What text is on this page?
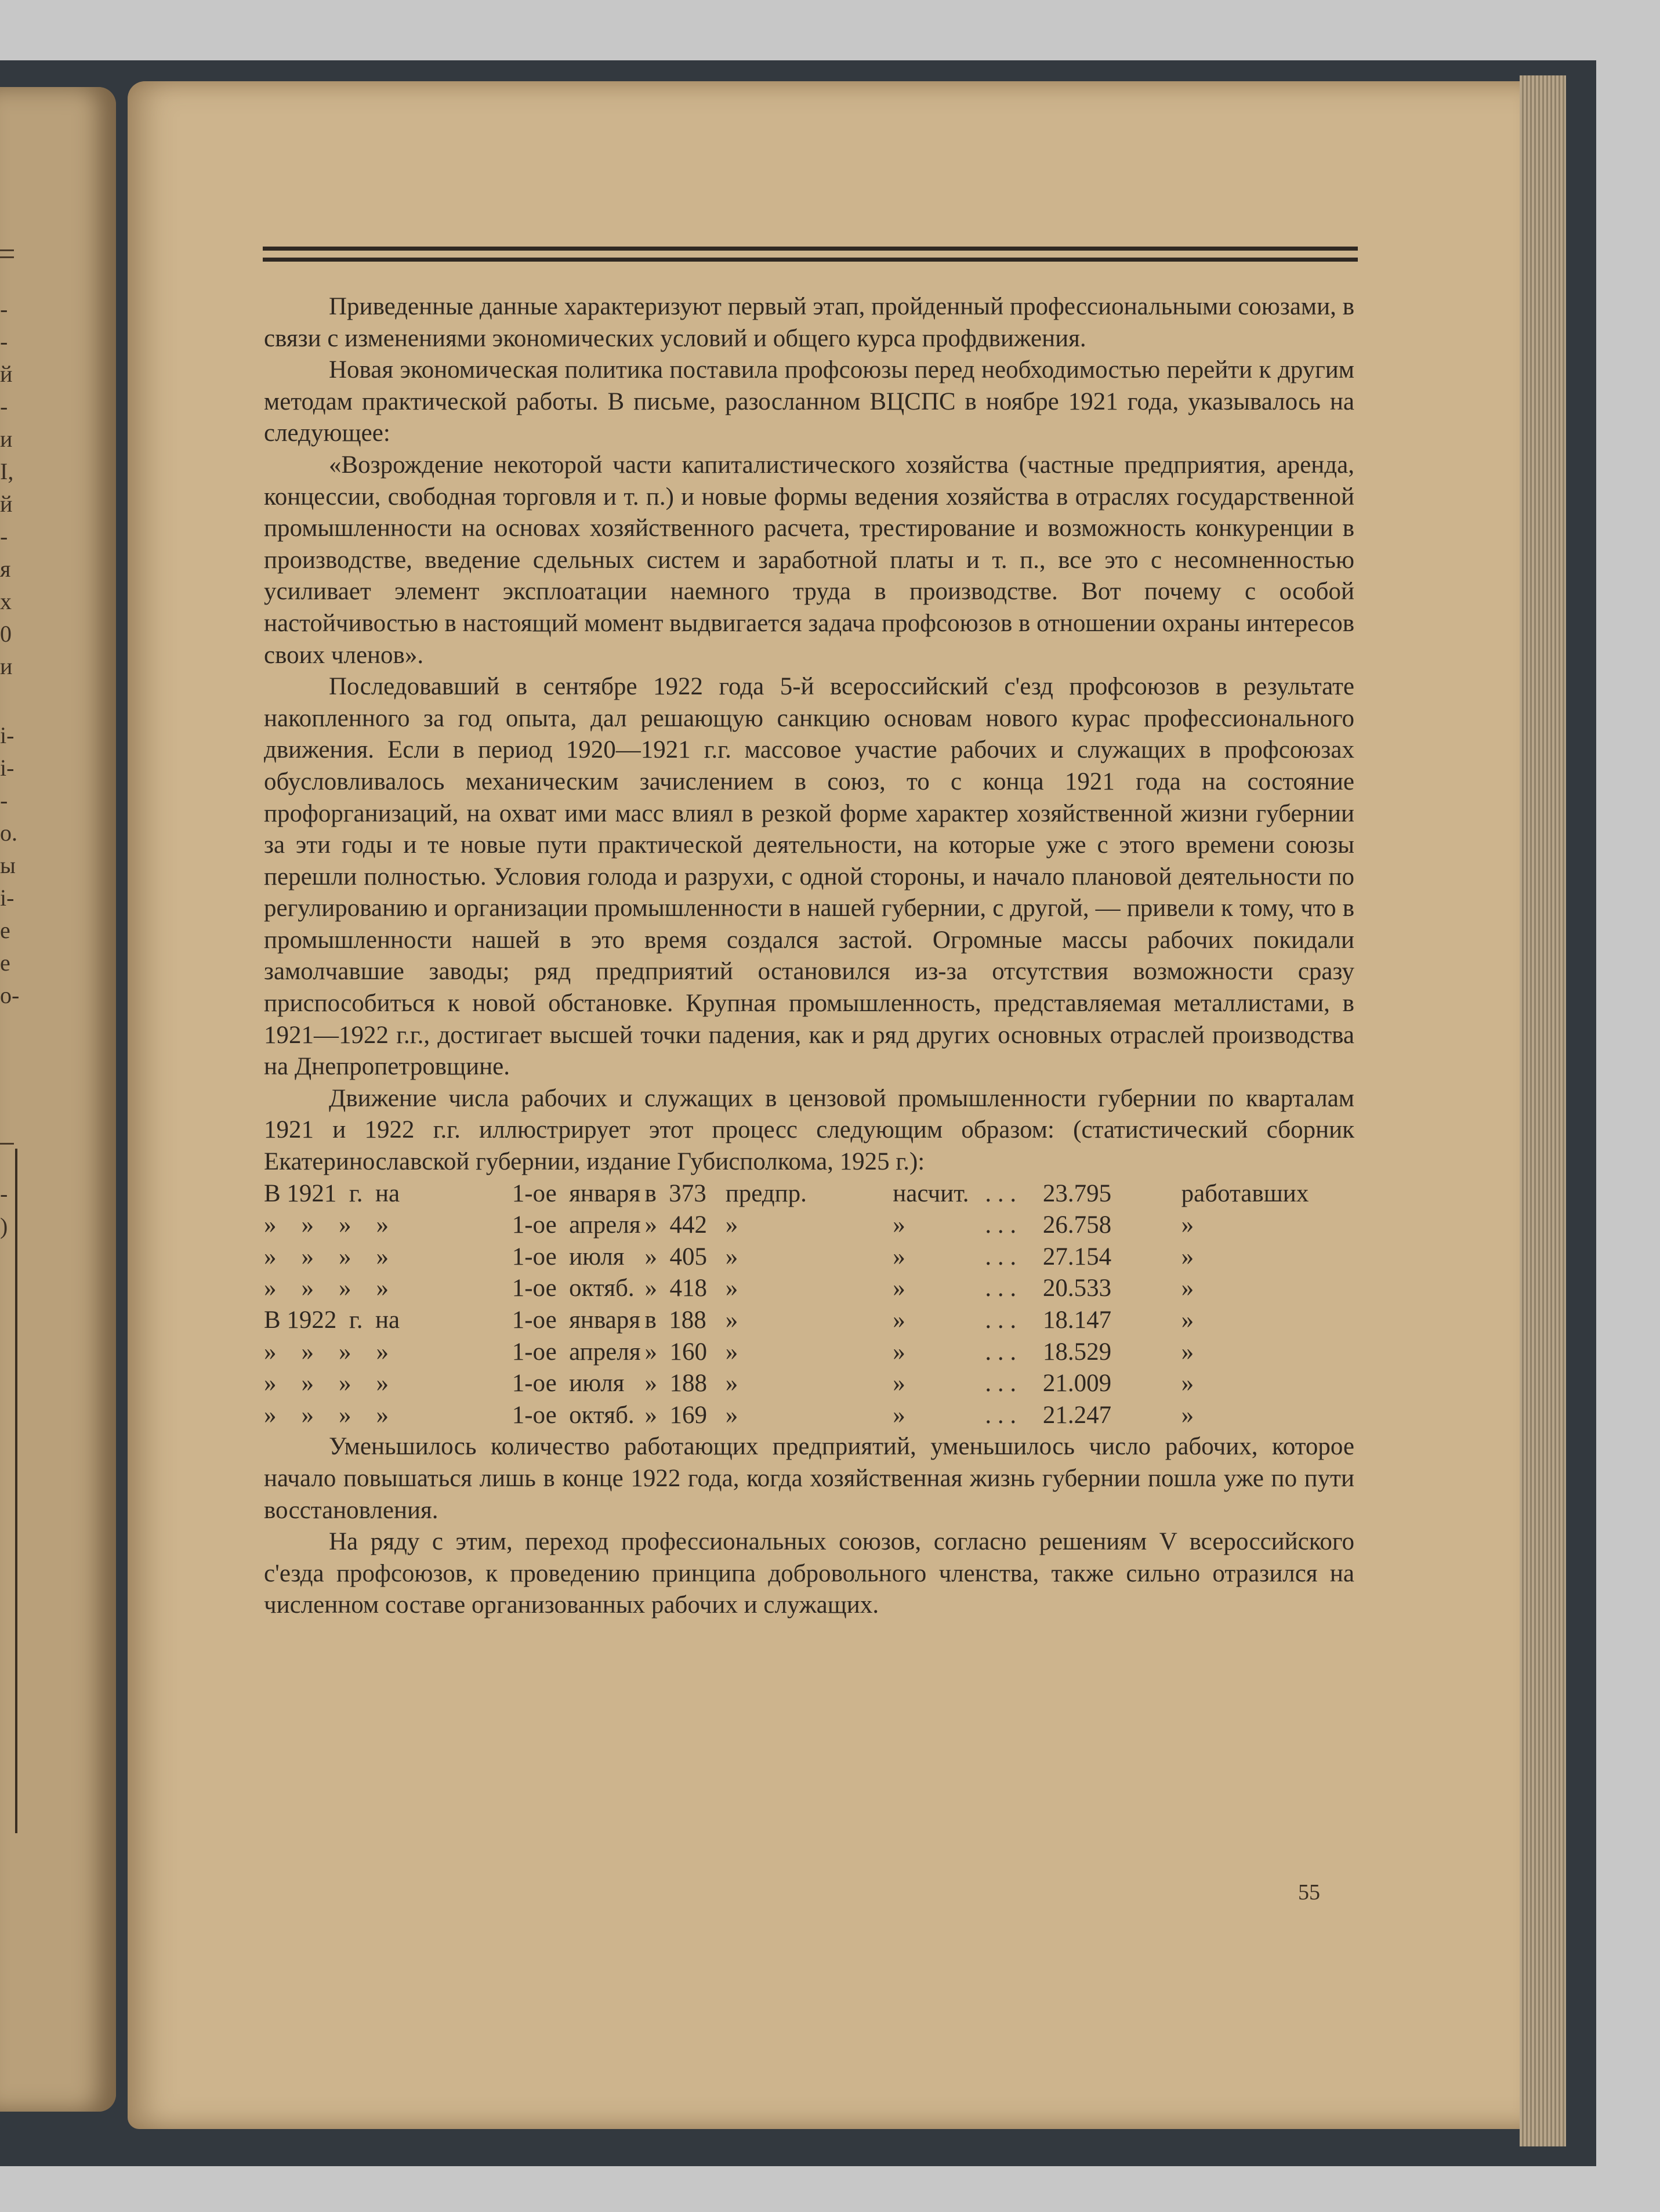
-
-
й
-
и
I,
й
-
я
х
0
и
i-
i-
-
o.
ы
i-
e
e
o-
-
)

Приведенные данные характеризуют первый этап, пройденный профессиональными союзами, в связи с изменениями экономических условий и общего курса профдвижения.

Новая экономическая политика поставила профсоюзы перед необходимостью перейти к другим методам практической работы. В письме, разосланном ВЦСПС в ноябре 1921 года, указывалось на следующее:

«Возрождение некоторой части капиталистического хозяйства (частные предприятия, аренда, концессии, свободная торговля и т. п.) и новые формы ведения хозяйства в отраслях государственной промышленности на основах хозяйственного расчета, трестирование и возможность конкуренции в производстве, введение сдельных систем и заработной платы и т. п., все это с несомненностью усиливает элемент эксплоатации наемного труда в производстве. Вот почему с особой настойчивостью в настоящий момент выдвигается задача профсоюзов в отношении охраны интересов своих членов».

Последовавший в сентябре 1922 года 5-й всероссийский с'езд профсоюзов в результате накопленного за год опыта, дал решающую санкцию основам нового курас профессионального движения. Если в период 1920—1921 г.г. массовое участие рабочих и служащих в профсоюзах обусловливалось механическим зачислением в союз, то с конца 1921 года на состояние профорганизаций, на охват ими масс влиял в резкой форме характер хозяйственной жизни губернии за эти годы и те новые пути практической деятельности, на которые уже с этого времени союзы перешли полностью. Условия голода и разрухи, с одной стороны, и начало плановой деятельности по регулированию и организации промышленности в нашей губернии, с другой, — привели к тому, что в промышленности нашей в это время создался застой. Огромные массы рабочих покидали замолчавшие заводы; ряд предприятий остановился из-за отсутствия возможности сразу приспособиться к новой обстановке. Крупная промышленность, представляемая металлистами, в 1921—1922 г.г., достигает высшей точки падения, как и ряд других основных отраслей производства на Днепропетровщине.

Движение числа рабочих и служащих в цензовой промышленности губернии по кварталам 1921 и 1922 г.г. иллюстрирует этот процесс следующим образом: (статистический сборник Екатеринославской губернии, издание Губисполкома, 1925 г.):

В 1921  г.  на	1-ое  января в  373 предпр.	насчит. . . .	23.795	работавших
»    »    »    »	1-ое  апреля »  442 »	»	. . .	26.758	»
»    »    »    »	1-ое  июля »  405 »	»	. . .	27.154	»
»    »    »    »	1-ое  октяб. »  418 »	»	. . .	20.533	»
В 1922  г.  на	1-ое  января в  188 »	»	. . .	18.147	»
»    »    »    »	1-ое  апреля »  160 »	»	. . .	18.529	»
»    »    »    »	1-ое  июля »  188 »	»	. . .	21.009	»
»    »    »    »	1-ое  октяб. »  169 »	»	. . .	21.247	»

Уменьшилось количество работающих предприятий, уменьшилось число рабочих, которое начало повышаться лишь в конце 1922 года, когда хозяйственная жизнь губернии пошла уже по пути восстановления.

На ряду с этим, переход профессиональных союзов, согласно решениям V всероссийского с'езда профсоюзов, к проведению принципа добровольного членства, также сильно отразился на численном составе организованных рабочих и служащих.

55
